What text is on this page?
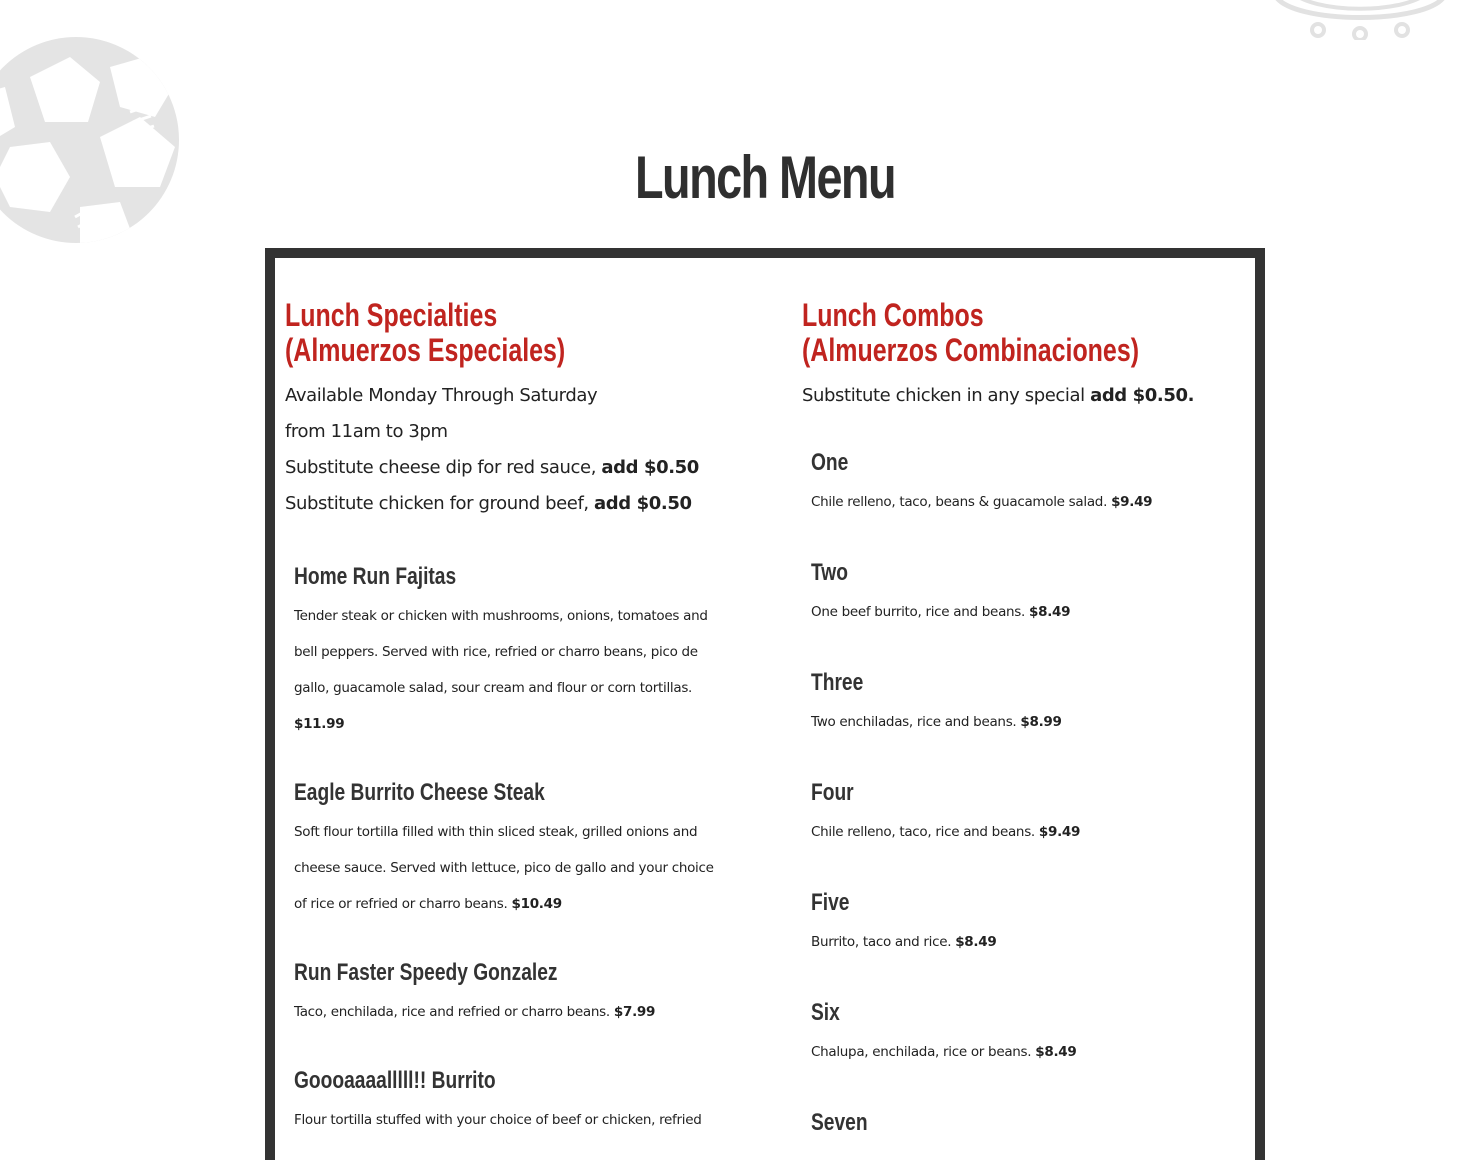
Lunch Menu
Lunch Specialties
(Almuerzos Especiales)
Available Monday Through Saturday
from 11am to 3pm
Substitute cheese dip for red sauce, add $0.50
Substitute chicken for ground beef, add $0.50
Home Run Fajitas

Tender steak or chicken with mushrooms, onions, tomatoes and bell peppers. Served with rice, refried or charro beans, pico de gallo, guacamole salad, sour cream and flour or corn tortillas. $11.99

Eagle Burrito Cheese Steak

Soft flour tortilla filled with thin sliced steak, grilled onions and cheese sauce. Served with lettuce, pico de gallo and your choice of rice or refried or charro beans. $10.49

Run Faster Speedy Gonzalez

Taco, enchilada, rice and refried or charro beans. $7.99

Goooaaaalllll!! Burrito

Flour tortilla stuffed with your choice of beef or chicken, refried

Lunch Combos
(Almuerzos Combinaciones)
Substitute chicken in any special add $0.50.
One

Chile relleno, taco, beans & guacamole salad. $9.49

Two

One beef burrito, rice and beans. $8.49

Three

Two enchiladas, rice and beans. $8.99

Four

Chile relleno, taco, rice and beans. $9.49

Five

Burrito, taco and rice. $8.49

Six

Chalupa, enchilada, rice or beans. $8.49

Seven
